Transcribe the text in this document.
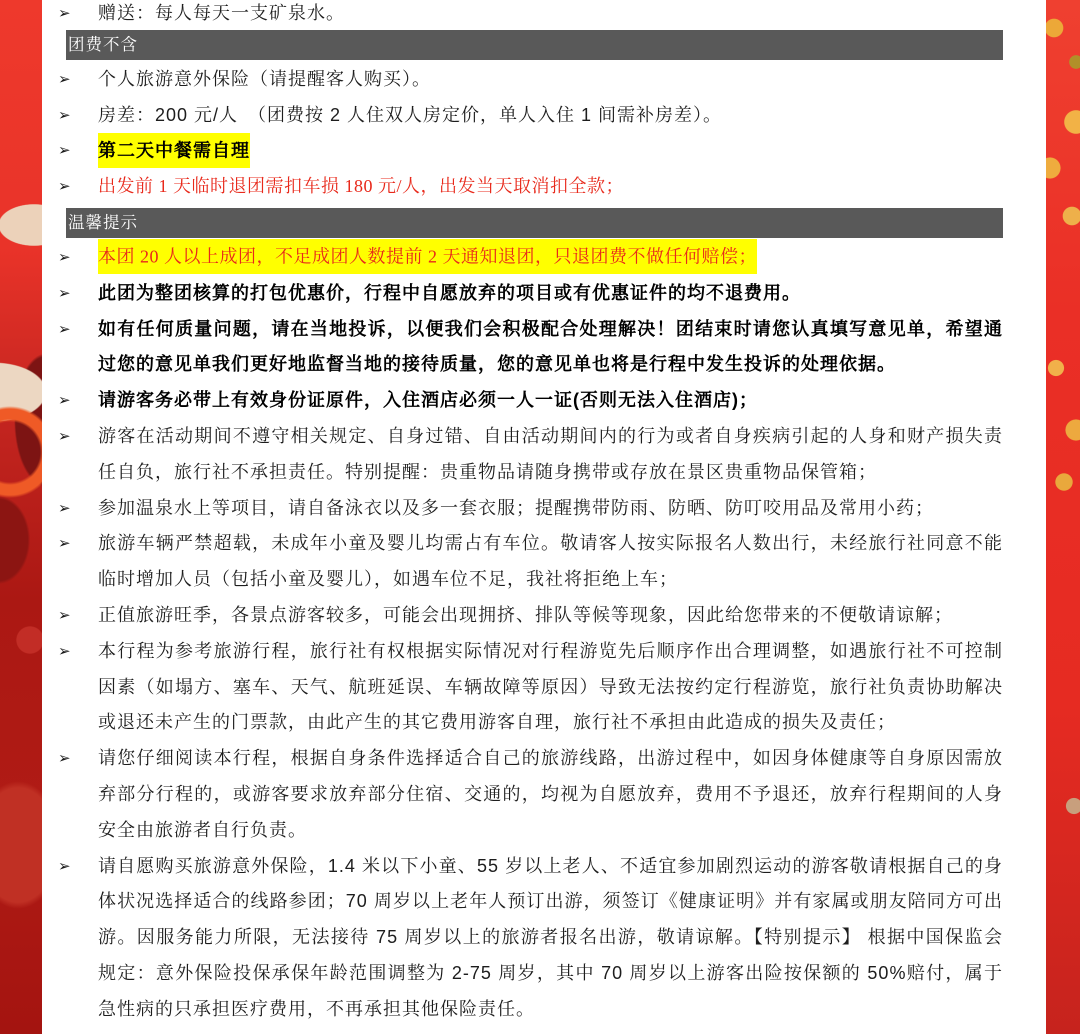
➢	赠送：每人每天一支矿泉水。
团费不含
➢	个人旅游意外保险（请提醒客人购买）。
➢	房差：200 元/人　（团费按 2 人住双人房定价，单人入住 1 间需补房差）。
➢	第二天中餐需自理
➢	出发前 1 天临时退团需扣车损 180 元/人，出发当天取消扣全款；
温馨提示
➢	本团 20 人以上成团，不足成团人数提前 2 天通知退团，只退团费不做任何赔偿；
➢	此团为整团核算的打包优惠价，行程中自愿放弃的项目或有优惠证件的均不退费用。
➢	如有任何质量问题，请在当地投诉，以便我们会积极配合处理解决！团结束时请您认真填写意见单，希望通过您的意见单我们更好地监督当地的接待质量，您的意见单也将是行程中发生投诉的处理依据。
➢	请游客务必带上有效身份证原件，入住酒店必须一人一证(否则无法入住酒店)；
➢	游客在活动期间不遵守相关规定、自身过错、自由活动期间内的行为或者自身疾病引起的人身和财产损失责任自负，旅行社不承担责任。特别提醒：贵重物品请随身携带或存放在景区贵重物品保管箱；
➢	参加温泉水上等项目，请自备泳衣以及多一套衣服；提醒携带防雨、防晒、防叮咬用品及常用小药；
➢	旅游车辆严禁超载，未成年小童及婴儿均需占有车位。敬请客人按实际报名人数出行，未经旅行社同意不能临时增加人员（包括小童及婴儿），如遇车位不足，我社将拒绝上车；
➢	正值旅游旺季，各景点游客较多，可能会出现拥挤、排队等候等现象，因此给您带来的不便敬请谅解；
➢	本行程为参考旅游行程，旅行社有权根据实际情况对行程游览先后顺序作出合理调整，如遇旅行社不可控制因素（如塌方、塞车、天气、航班延误、车辆故障等原因）导致无法按约定行程游览，旅行社负责协助解决或退还未产生的门票款，由此产生的其它费用游客自理，旅行社不承担由此造成的损失及责任；
➢	请您仔细阅读本行程，根据自身条件选择适合自己的旅游线路，出游过程中，如因身体健康等自身原因需放弃部分行程的，或游客要求放弃部分住宿、交通的，均视为自愿放弃，费用不予退还，放弃行程期间的人身安全由旅游者自行负责。
➢	请自愿购买旅游意外保险，1.4 米以下小童、55 岁以上老人、不适宜参加剧烈运动的游客敬请根据自己的身体状况选择适合的线路参团；70 周岁以上老年人预订出游，须签订《健康证明》并有家属或朋友陪同方可出游。因服务能力所限，无法接待 75 周岁以上的旅游者报名出游，敬请谅解。【特别提示】 根据中国保监会规定：意外保险投保承保年龄范围调整为 2-75 周岁，其中 70 周岁以上游客出险按保额的 50%赔付，属于急性病的只承担医疗费用，不再承担其他保险责任。
